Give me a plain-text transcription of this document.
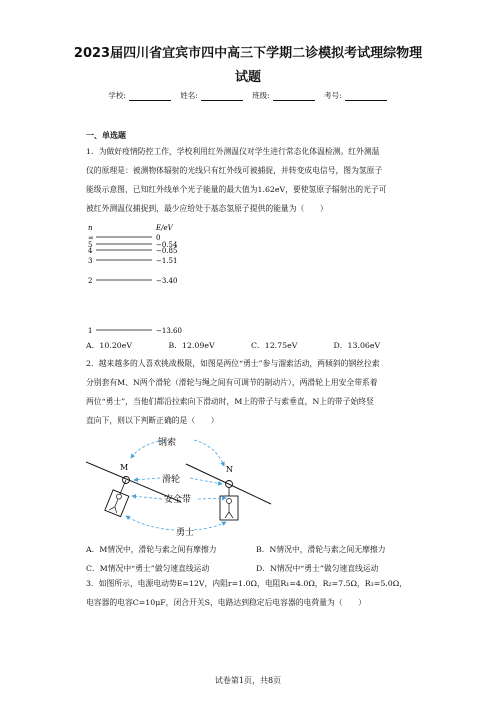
2023届四川省宜宾市四中高三下学期二诊模拟考试理综物理
试题
学校:	姓名:	班级:	考号:
一、单选题
1．为做好疫情防控工作，学校利用红外测温仪对学生进行常态化体温检测。红外测温
仪的原理是：被测物体辐射的光线只有红外线可被捕捉，并转变成电信号，图为氢原子
能级示意图，已知红外线单个光子能量的最大值为1.62eV，要使氢原子辐射出的光子可
被红外测温仪捕捉到，最少应给处于基态氢原子提供的能量为（　　）
n	E/eV
∞	0
5	−0.54
4	−0.85
3	−1.51
2	−3.40
1	−13.60
A．10.20eV	B．12.09eV	C．12.75eV	D．13.06eV
2．越来越多的人喜欢挑战极限，如图是两位“勇士”参与溜索活动，两倾斜的钢丝拉索
分别套有M、N两个滑轮（滑轮与绳之间有可调节的制动片），两滑轮上用安全带系着
两位“勇士”，当他们都沿拉索向下滑动时，M上的带子与索垂直，N上的带子始终竖
直向下，则以下判断正确的是（　　）
钢索
M	N
滑轮
安全带
勇士
A．M情况中，滑轮与索之间有摩擦力	B．N情况中，滑轮与索之间无摩擦力
C．M情况中“勇士”做匀速直线运动	D．N情况中“勇士”做匀速直线运动
3．如图所示，电源电动势E=12V，内阻r=1.0Ω，电阻R₁=4.0Ω，R₂=7.5Ω，R₃=5.0Ω，
电容器的电容C=10μF，闭合开关S，电路达到稳定后电容器的电荷量为（　　）
试卷第1页，共8页
